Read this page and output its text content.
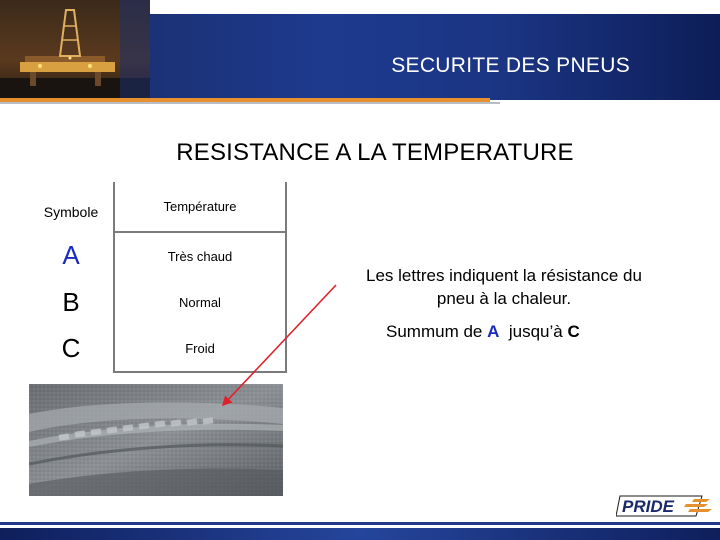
SECURITE DES PNEUS
RESISTANCE A LA TEMPERATURE
Symbole	Température
A	Très chaud
B	Normal
C	Froid
Les lettres indiquent la résistance du
pneu à la chaleur.
Summum de A jusqu’à C
PRIDE
